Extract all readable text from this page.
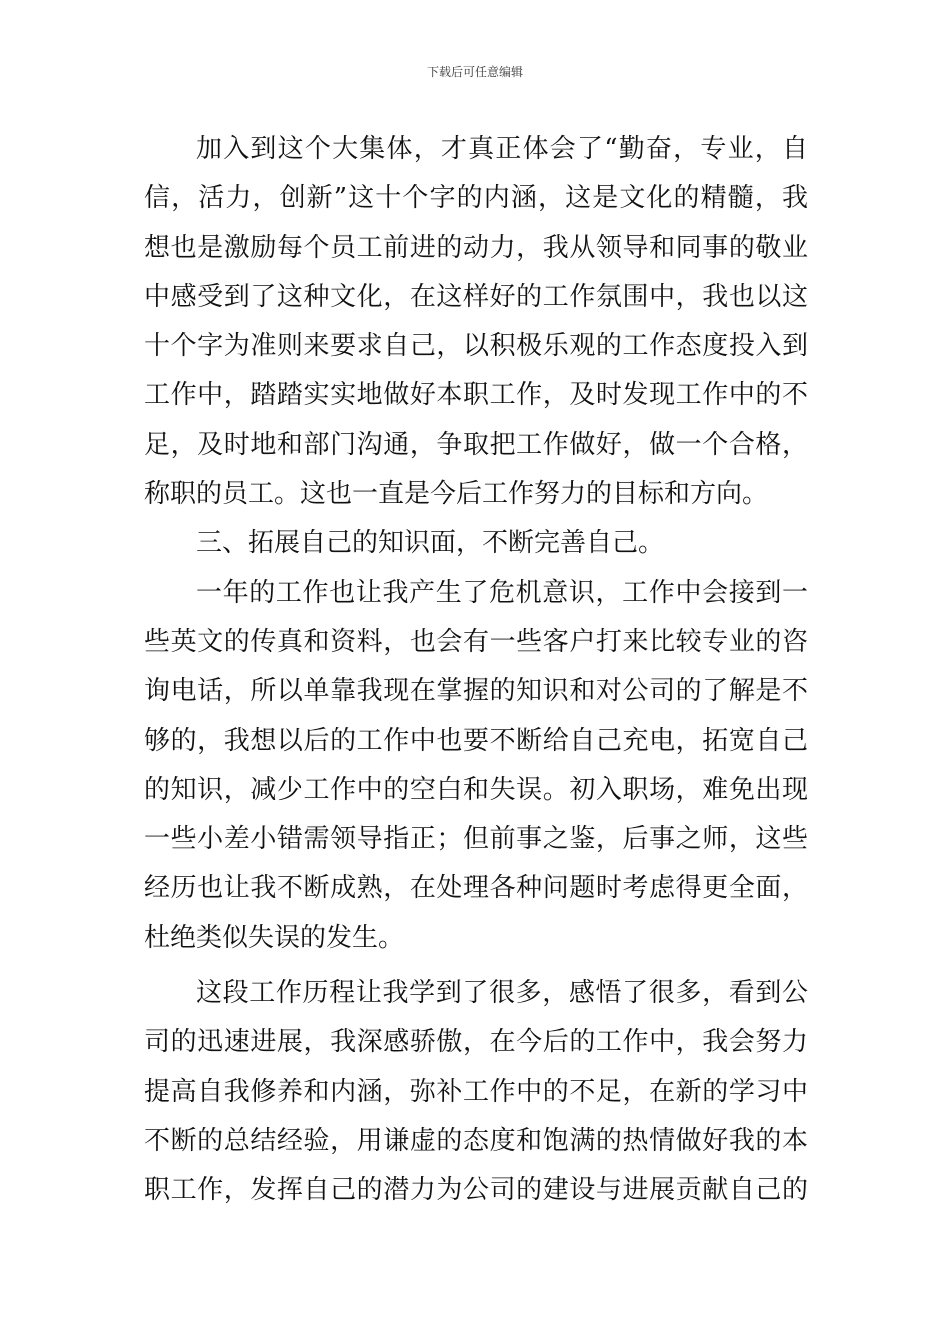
下载后可任意编辑
加入到这个大集体，才真正体会了“勤奋，专业，自
信，活力，创新”这十个字的内涵，这是文化的精髓，我
想也是激励每个员工前进的动力，我从领导和同事的敬业
中感受到了这种文化，在这样好的工作氛围中，我也以这
十个字为准则来要求自己，以积极乐观的工作态度投入到
工作中，踏踏实实地做好本职工作，及时发现工作中的不
足，及时地和部门沟通，争取把工作做好，做一个合格，
称职的员工。这也一直是今后工作努力的目标和方向。
三、拓展自己的知识面，不断完善自己。
一年的工作也让我产生了危机意识，工作中会接到一
些英文的传真和资料，也会有一些客户打来比较专业的咨
询电话，所以单靠我现在掌握的知识和对公司的了解是不
够的，我想以后的工作中也要不断给自己充电，拓宽自己
的知识，减少工作中的空白和失误。初入职场，难免出现
一些小差小错需领导指正；但前事之鉴，后事之师，这些
经历也让我不断成熟，在处理各种问题时考虑得更全面，
杜绝类似失误的发生。
这段工作历程让我学到了很多，感悟了很多，看到公
司的迅速进展，我深感骄傲，在今后的工作中，我会努力
提高自我修养和内涵，弥补工作中的不足，在新的学习中
不断的总结经验，用谦虚的态度和饱满的热情做好我的本
职工作，发挥自己的潜力为公司的建设与进展贡献自己的
